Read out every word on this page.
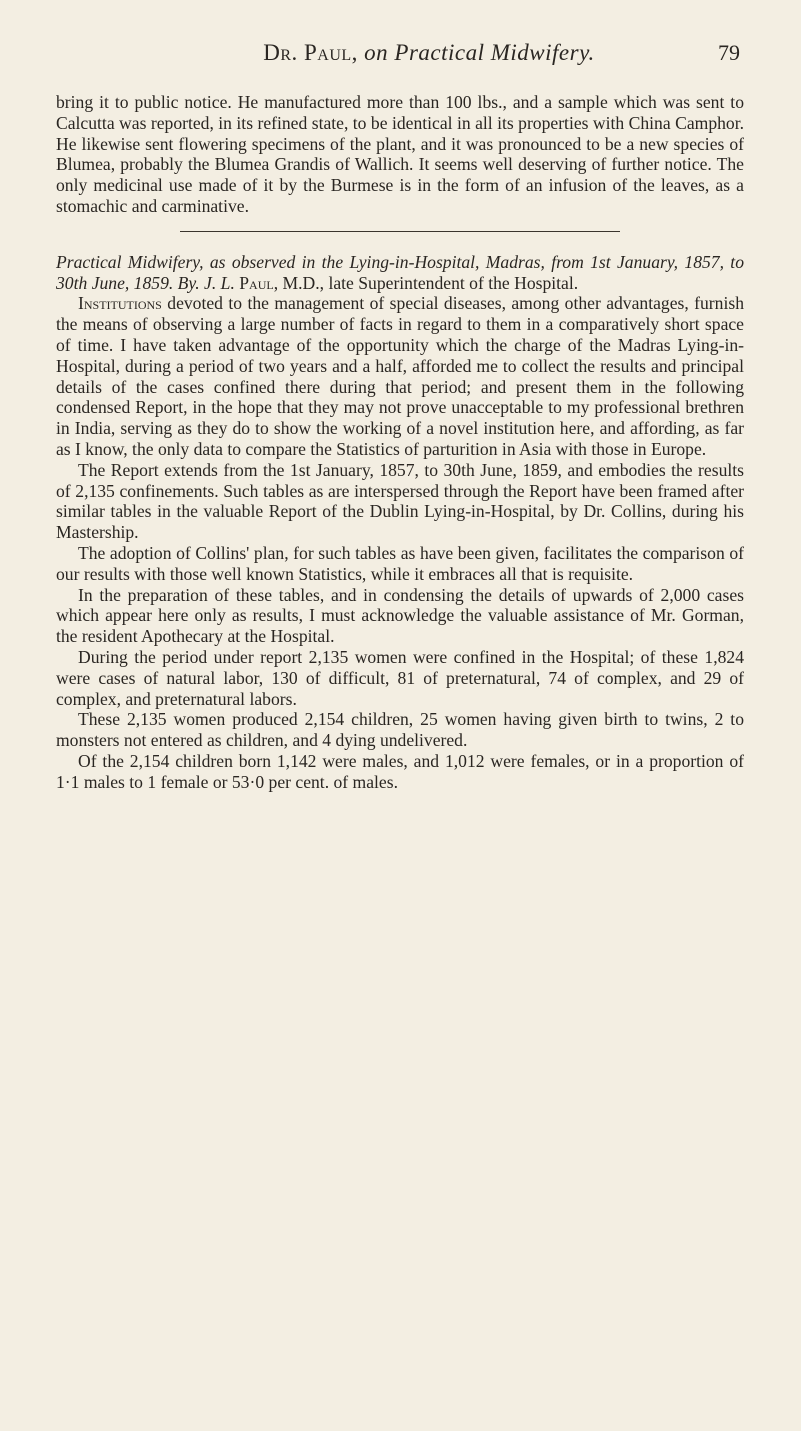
Dr. Paul, on Practical Midwifery.	79

bring it to public notice. He manufactured more than 100 lbs., and a sample which was sent to Calcutta was reported, in its refined state, to be identical in all its properties with China Camphor. He likewise sent flowering specimens of the plant, and it was pronounced to be a new species of Blumea, probably the Blumea Grandis of Wallich. It seems well deserving of further notice. The only medicinal use made of it by the Burmese is in the form of an infusion of the leaves, as a stomachic and carminative.

Practical Midwifery, as observed in the Lying-in-Hospital, Madras, from 1st January, 1857, to 30th June, 1859. By. J. L. Paul, M.D., late Superintendent of the Hospital.

Institutions devoted to the management of special diseases, among other advantages, furnish the means of observing a large number of facts in regard to them in a comparatively short space of time. I have taken advantage of the opportunity which the charge of the Madras Lying-in-Hospital, during a period of two years and a half, afforded me to collect the results and principal details of the cases confined there during that period; and present them in the following condensed Report, in the hope that they may not prove unacceptable to my professional brethren in India, serving as they do to show the working of a novel institution here, and affording, as far as I know, the only data to compare the Statistics of parturition in Asia with those in Europe.

The Report extends from the 1st January, 1857, to 30th June, 1859, and embodies the results of 2,135 confinements. Such tables as are interspersed through the Report have been framed after similar tables in the valuable Report of the Dublin Lying-in-Hospital, by Dr. Collins, during his Mastership.

The adoption of Collins' plan, for such tables as have been given, facilitates the comparison of our results with those well known Statistics, while it embraces all that is requisite.

In the preparation of these tables, and in condensing the details of upwards of 2,000 cases which appear here only as results, I must acknowledge the valuable assistance of Mr. Gorman, the resident Apothecary at the Hospital.

During the period under report 2,135 women were confined in the Hospital; of these 1,824 were cases of natural labor, 130 of difficult, 81 of preternatural, 74 of complex, and 29 of complex, and preternatural labors.

These 2,135 women produced 2,154 children, 25 women having given birth to twins, 2 to monsters not entered as children, and 4 dying undelivered.

Of the 2,154 children born 1,142 were males, and 1,012 were females, or in a proportion of 1·1 males to 1 female or 53·0 per cent. of males.
